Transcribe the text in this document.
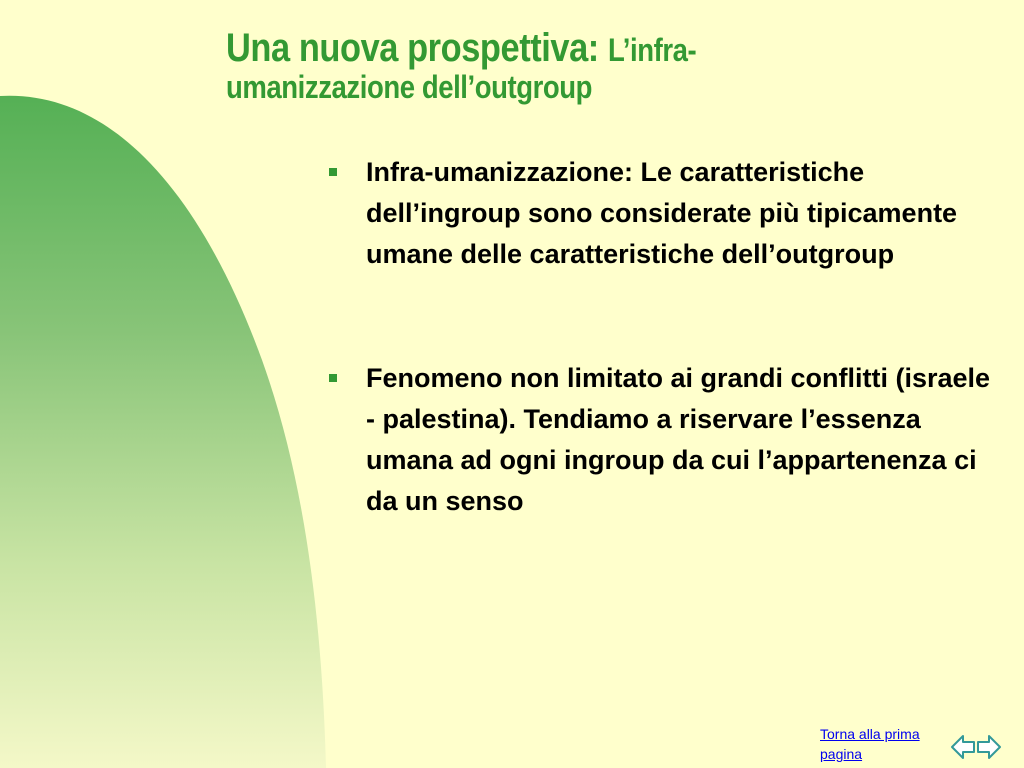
Una nuova prospettiva: L’infra-
umanizzazione dell’outgroup
Infra-umanizzazione: Le caratteristiche dell’ingroup sono considerate più tipicamente umane delle caratteristiche dell’outgroup
Fenomeno non limitato ai grandi conflitti (israele - palestina). Tendiamo a riservare l’essenza umana ad ogni ingroup da cui l’appartenenza ci da un senso
Torna alla prima pagina
